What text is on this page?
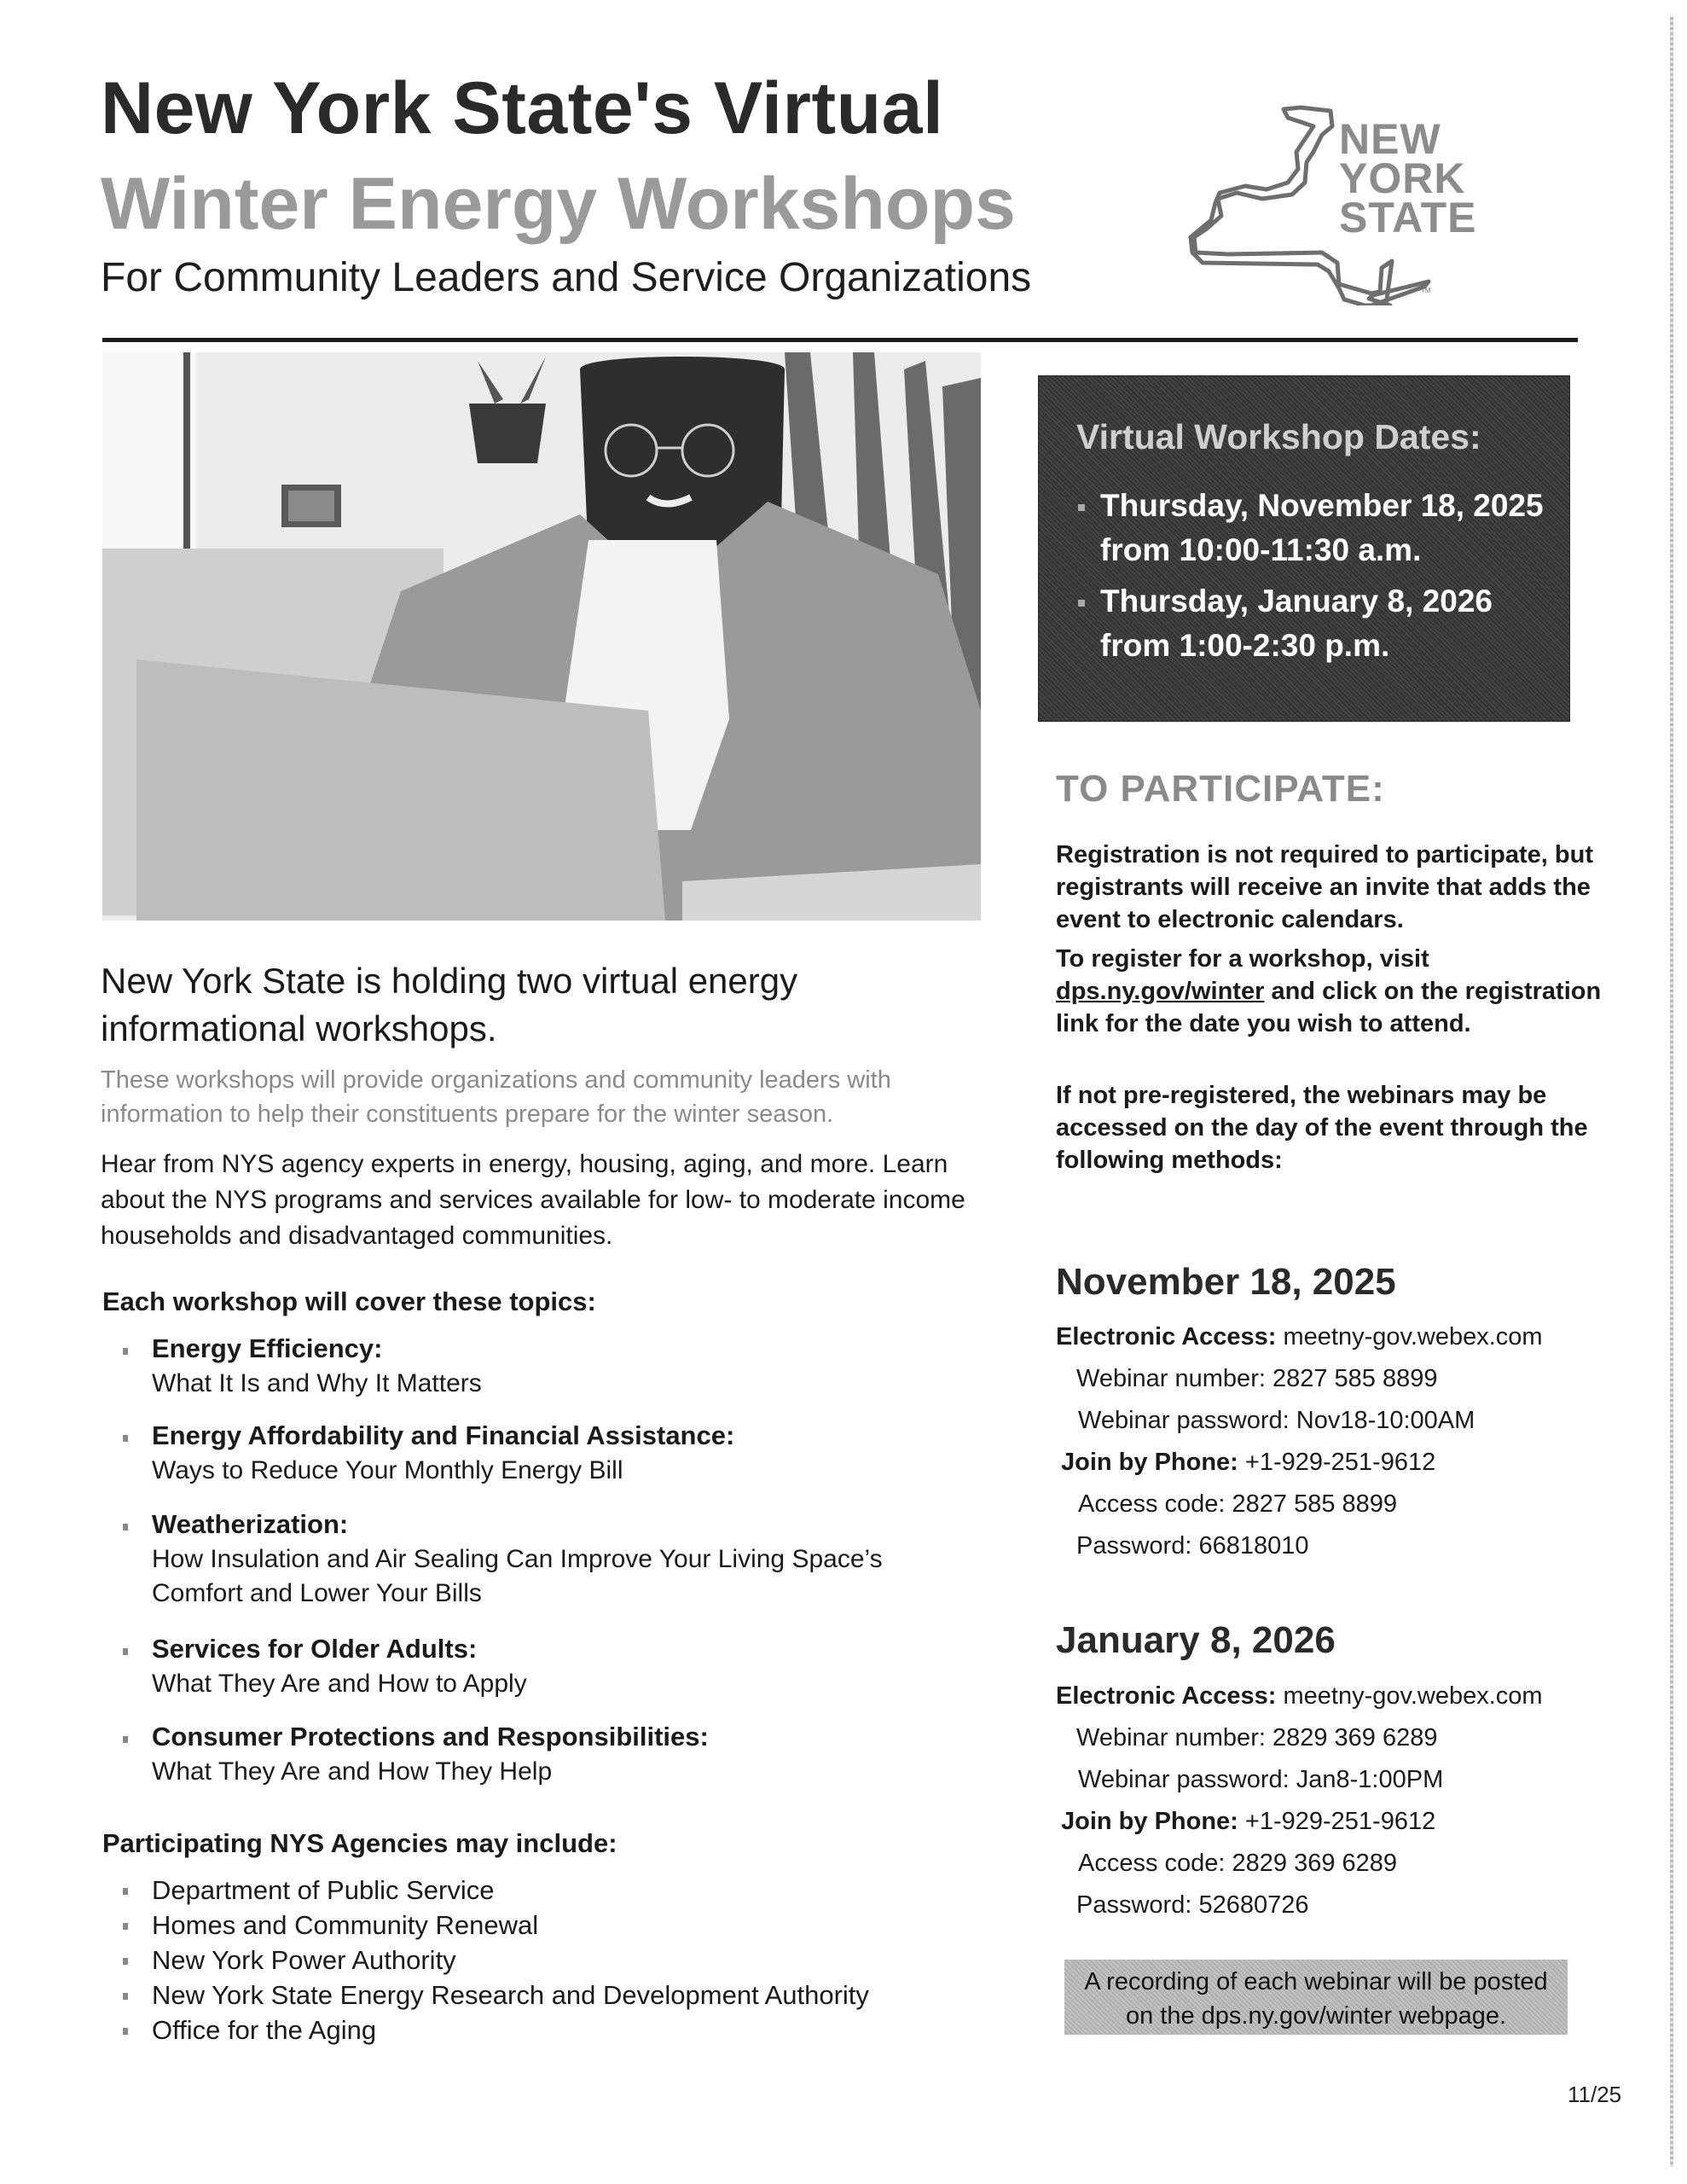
New York State's Virtual
Winter Energy Workshops
For Community Leaders and Service Organizations	TM
NEW
YORK
STATE
Virtual Workshop Dates:
Thursday, November 18, 2025
from 10:00-11:30 a.m.
Thursday, January 8, 2026
from 1:00-2:30 p.m.
TO PARTICIPATE:
Registration is not required to participate, but registrants will receive an invite that adds the event to electronic calendars.
To register for a workshop, visit dps.ny.gov/winter and click on the registration link for the date you wish to attend.
If not pre-registered, the webinars may be accessed on the day of the event through the following methods:
November 18, 2025
Electronic Access: meetny-gov.webex.com
Webinar number: 2827 585 8899
Webinar password: Nov18-10:00AM
Join by Phone: +1-929-251-9612
Access code: 2827 585 8899
Password: 66818010
January 8, 2026
Electronic Access: meetny-gov.webex.com
Webinar number: 2829 369 6289
Webinar password: Jan8-1:00PM
Join by Phone: +1-929-251-9612
Access code: 2829 369 6289
Password: 52680726
A recording of each webinar will be posted
on the dps.ny.gov/winter webpage.
11/25
New York State is holding two virtual energy informational workshops.
These workshops will provide organizations and community leaders with information to help their constituents prepare for the winter season.
Hear from NYS agency experts in energy, housing, aging, and more. Learn about the NYS programs and services available for low- to moderate income households and disadvantaged communities.
Each workshop will cover these topics:
Energy Efficiency:
What It Is and Why It Matters
Energy Affordability and Financial Assistance:
Ways to Reduce Your Monthly Energy Bill
Weatherization:
How Insulation and Air Sealing Can Improve Your Living Space’s Comfort and Lower Your Bills
Services for Older Adults:
What They Are and How to Apply
Consumer Protections and Responsibilities:
What They Are and How They Help
Participating NYS Agencies may include:
Department of Public Service
Homes and Community Renewal
New York Power Authority
New York State Energy Research and Development Authority
Office for the Aging
